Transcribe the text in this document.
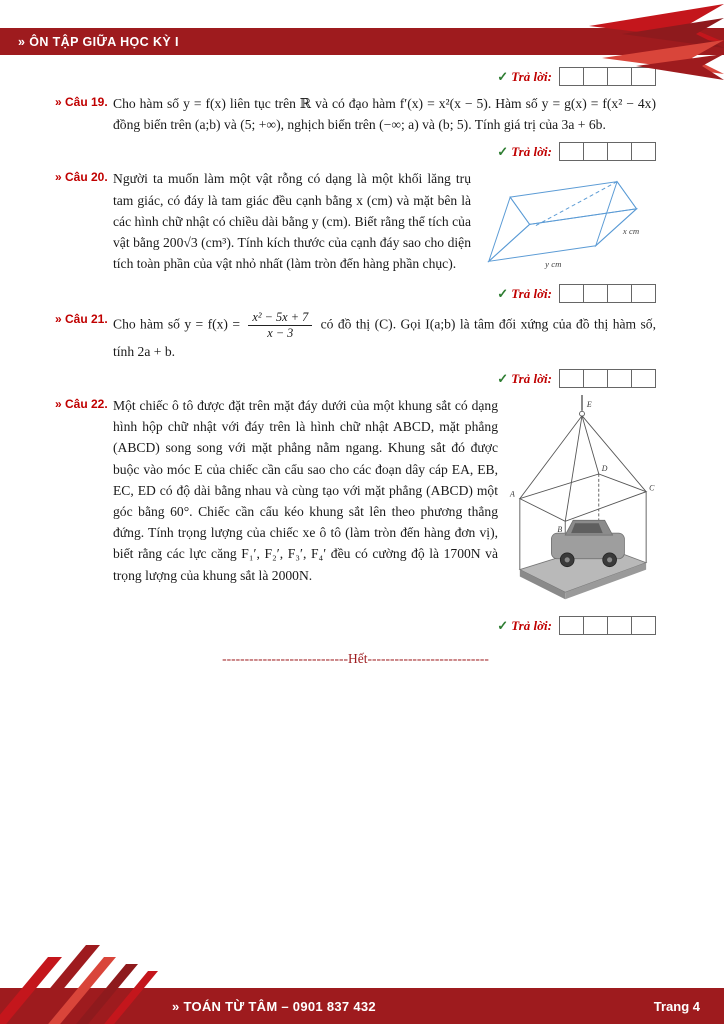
» ÔN TẬP GIỮA HỌC KỲ I
✓ Trả lời:
» Câu 19. Cho hàm số y = f(x) liên tục trên ℝ và có đạo hàm f′(x) = x²(x − 5). Hàm số y = g(x) = f(x² − 4x) đồng biến trên (a;b) và (5; +∞), nghịch biến trên (−∞; a) và (b; 5). Tính giá trị của 3a + 6b.
✓ Trả lời:
» Câu 20.
x cm
y cm
Người ta muốn làm một vật rỗng có dạng là một khối lăng trụ tam giác, có đáy là tam giác đều cạnh bằng x (cm) và mặt bên là các hình chữ nhật có chiều dài bằng y (cm). Biết rằng thể tích của vật bằng 200√3 (cm³). Tính kích thước của cạnh đáy sao cho diện tích toàn phần của vật nhỏ nhất (làm tròn đến hàng phần chục).
✓ Trả lời:
» Câu 21. Cho hàm số $y = f(x) = \frac{\text{x² − 5x + 7}}{x - 3}$ có đồ thị (C). Gọi I(a;b) là tâm đối xứng của đồ thị hàm số, tính 2a + b.
✓ Trả lời:
» Câu 22.	E
A
B
C
D
Một chiếc ô tô được đặt trên mặt đáy dưới của một khung sắt có dạng hình hộp chữ nhật với đáy trên là hình chữ nhật ABCD, mặt phẳng (ABCD) song song với mặt phẳng nằm ngang. Khung sắt đó được buộc vào móc E của chiếc cần cẩu sao cho các đoạn dây cáp EA, EB, EC, ED có độ dài bằng nhau và cùng tạo với mặt phẳng (ABCD) một góc bằng 60°. Chiếc cần cẩu kéo khung sắt lên theo phương thẳng đứng. Tính trọng lượng của chiếc xe ô tô (làm tròn đến hàng đơn vị), biết rằng các lực căng F₁′, F₂′, F₃′, F₄′ đều có cường độ là 1700N và trọng lượng của khung sắt là 2000N.
✓ Trả lời:
----------------------------Hết---------------------------
» TOÁN TỪ TÂM – 0901 837 432	Trang 4
